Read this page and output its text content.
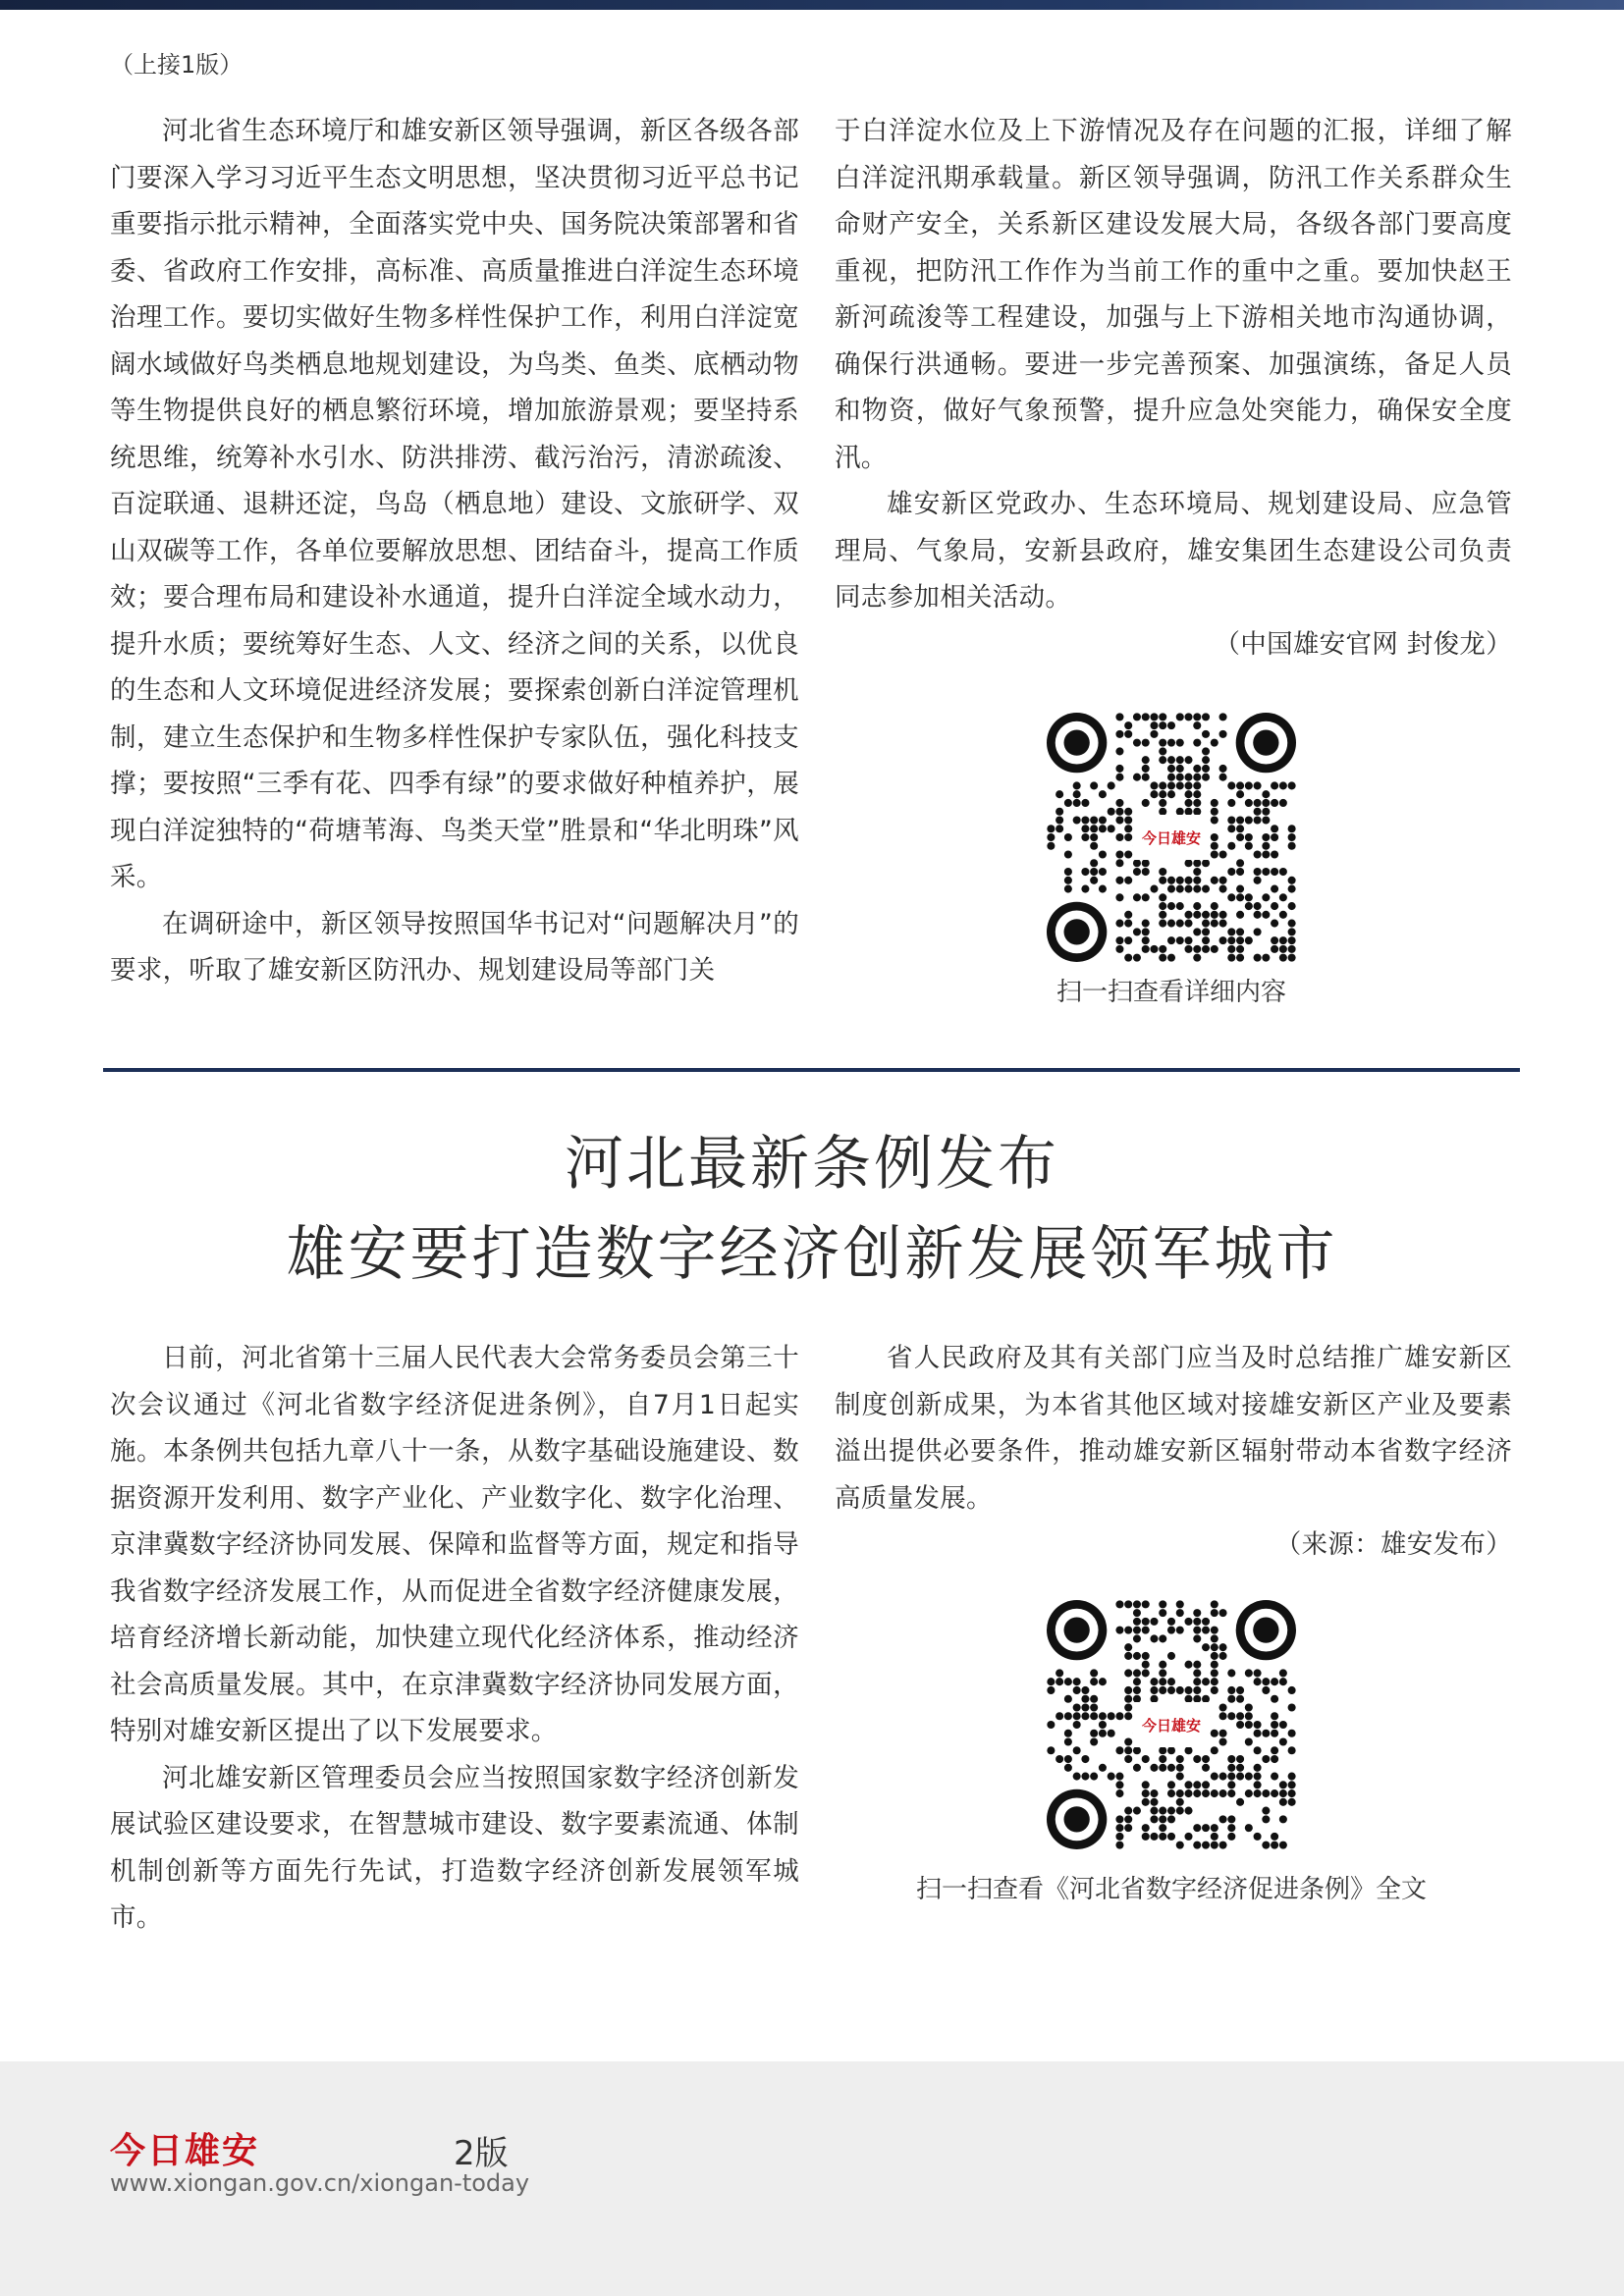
（上接1版）

河北省生态环境厅和雄安新区领导强调，新区各级各部门要深入学习习近平生态文明思想，坚决贯彻习近平总书记重要指示批示精神，全面落实党中央、国务院决策部署和省委、省政府工作安排，高标准、高质量推进白洋淀生态环境治理工作。要切实做好生物多样性保护工作，利用白洋淀宽阔水域做好鸟类栖息地规划建设，为鸟类、鱼类、底栖动物等生物提供良好的栖息繁衍环境，增加旅游景观；要坚持系统思维，统筹补水引水、防洪排涝、截污治污，清淤疏浚、百淀联通、退耕还淀，鸟岛（栖息地）建设、文旅研学、双山双碳等工作，各单位要解放思想、团结奋斗，提高工作质效；要合理布局和建设补水通道，提升白洋淀全域水动力，提升水质；要统筹好生态、人文、经济之间的关系，以优良的生态和人文环境促进经济发展；要探索创新白洋淀管理机制，建立生态保护和生物多样性保护专家队伍，强化科技支撑；要按照“三季有花、四季有绿”的要求做好种植养护，展现白洋淀独特的“荷塘苇海、鸟类天堂”胜景和“华北明珠”风采。

在调研途中，新区领导按照国华书记对“问题解决月”的要求，听取了雄安新区防汛办、规划建设局等部门关

于白洋淀水位及上下游情况及存在问题的汇报，详细了解白洋淀汛期承载量。新区领导强调，防汛工作关系群众生命财产安全，关系新区建设发展大局，各级各部门要高度重视，把防汛工作作为当前工作的重中之重。要加快赵王新河疏浚等工程建设，加强与上下游相关地市沟通协调，确保行洪通畅。要进一步完善预案、加强演练，备足人员和物资，做好气象预警，提升应急处突能力，确保安全度汛。

雄安新区党政办、生态环境局、规划建设局、应急管理局、气象局，安新县政府，雄安集团生态建设公司负责同志参加相关活动。

（中国雄安官网 封俊龙）

今日雄安
扫一扫查看详细内容
河北最新条例发布
雄安要打造数字经济创新发展领军城市

日前，河北省第十三届人民代表大会常务委员会第三十次会议通过《河北省数字经济促进条例》，自7月1日起实施。本条例共包括九章八十一条，从数字基础设施建设、数据资源开发利用、数字产业化、产业数字化、数字化治理、京津冀数字经济协同发展、保障和监督等方面，规定和指导我省数字经济发展工作，从而促进全省数字经济健康发展，培育经济增长新动能，加快建立现代化经济体系，推动经济社会高质量发展。其中，在京津冀数字经济协同发展方面，特别对雄安新区提出了以下发展要求。

河北雄安新区管理委员会应当按照国家数字经济创新发展试验区建设要求，在智慧城市建设、数字要素流通、体制机制创新等方面先行先试，打造数字经济创新发展领军城市。

省人民政府及其有关部门应当及时总结推广雄安新区制度创新成果，为本省其他区域对接雄安新区产业及要素溢出提供必要条件，推动雄安新区辐射带动本省数字经济高质量发展。

（来源：雄安发布）

今日雄安
扫一扫查看《河北省数字经济促进条例》全文
今日雄安	2版
www.xiongan.gov.cn/xiongan-today
